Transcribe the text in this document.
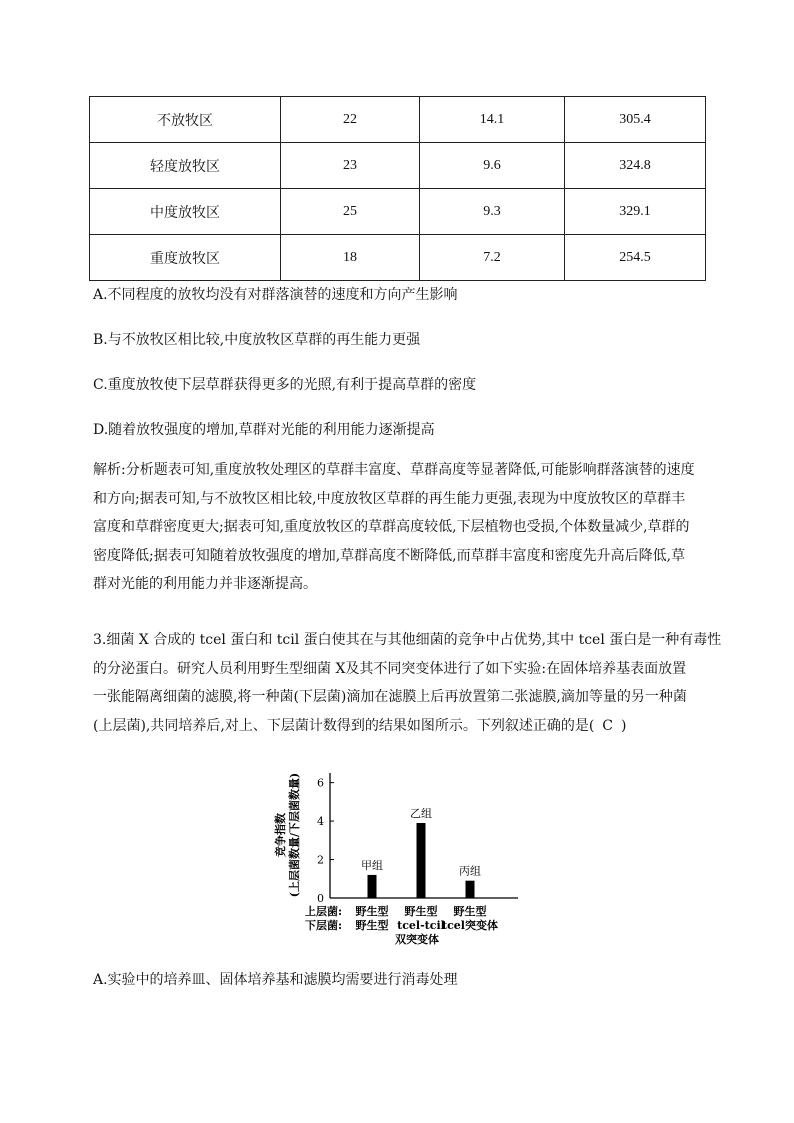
不放牧区	22	14.1	305.4
轻度放牧区	23	9.6	324.8
中度放牧区	25	9.3	329.1
重度放牧区	18	7.2	254.5
A.不同程度的放牧均没有对群落演替的速度和方向产生影响
B.与不放牧区相比较,中度放牧区草群的再生能力更强
C.重度放牧使下层草群获得更多的光照,有利于提高草群的密度
D.随着放牧强度的增加,草群对光能的利用能力逐渐提高
解析:分析题表可知,重度放牧处理区的草群丰富度、草群高度等显著降低,可能影响群落演替的速度
和方向;据表可知,与不放牧区相比较,中度放牧区草群的再生能力更强,表现为中度放牧区的草群丰
富度和草群密度更大;据表可知,重度放牧区的草群高度较低,下层植物也受损,个体数量减少,草群的
密度降低;据表可知随着放牧强度的增加,草群高度不断降低,而草群丰富度和密度先升高后降低,草
群对光能的利用能力并非逐渐提高。
3.细菌 X 合成的 tcel 蛋白和 tcil 蛋白使其在与其他细菌的竞争中占优势,其中 tcel 蛋白是一种有毒性
的分泌蛋白。研究人员利用野生型细菌 X及其不同突变体进行了如下实验:在固体培养基表面放置
一张能隔离细菌的滤膜,将一种菌(下层菌)滴加在滤膜上后再放置第二张滤膜,滴加等量的另一种菌
(上层菌),共同培养后,对上、下层菌计数得到的结果如图所示。下列叙述正确的是( C )
竞争指数 (上层菌数量/下层菌数量)
0
2
4
6
甲组
乙组
丙组
上层菌:
下层菌:
野生型
野生型
野生型
tcel-tcil
双突变体
野生型
tcel突变体
A.实验中的培养皿、固体培养基和滤膜均需要进行消毒处理
